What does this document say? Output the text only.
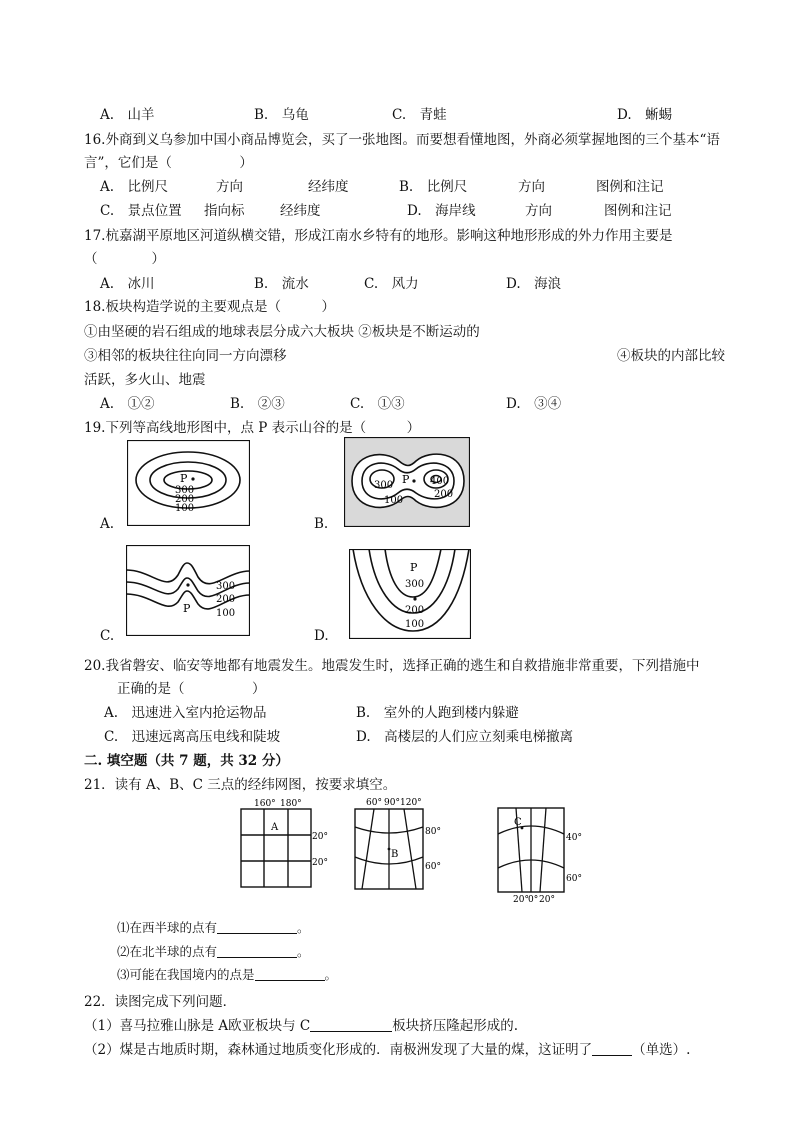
A.　山羊	B.　乌龟	C.　青蛙	D.　蜥蜴
16.外商到义乌参加中国小商品博览会，买了一张地图。而要想看懂地图，外商必须掌握地图的三个基本“语
言”，它们是（　　　　　）
A.　比例尺	方向	经纬度	B.　比例尺	方向	图例和注记
C.　景点位置 指向标	经纬度	D.　海岸线	方向	图例和注记
17.杭嘉湖平原地区河道纵横交错，形成江南水乡特有的地形。影响这种地形形成的外力作用主要是
（　　　　）
A.　冰川	B.　流水	C.　风力	D.　海浪
18.板块构造学说的主要观点是（　　　）
①由坚硬的岩石组成的地球表层分成六大板块 ②板块是不断运动的
③相邻的板块往往向同一方向漂移	④板块的内部比较
活跃，多火山、地震
A.　①②	B.　②③	C.　①③	D.　③④
19.下列等高线地形图中，点 P 表示山谷的是（　　　）
P
300
200
100
A.
P
300	400
200
100
B.
P
300
200
100
C.
P
300
200
100
D.
20.我省磐安、临安等地都有地震发生。地震发生时，选择正确的逃生和自救措施非常重要，下列措施中
正确的是（　　　　　）
A.　迅速进入室内抢运物品	B.　室外的人跑到楼内躲避
C.　迅速远离高压电线和陡坡	D.　高楼层的人们应立刻乘电梯撤离
二. 填空题（共 7 题，共 32 分）
21．读有 A、B、C 三点的经纬网图，按要求填空。
160° 180°
A
20°
20°
60° 90° 120°
B
80°
60°
C
40°
60°
20° 0° 20°
⑴在西半球的点有	。
⑵在北半球的点有	。
⑶可能在我国境内的点是	。
22．读图完成下列问题．
（1）喜马拉雅山脉是 A欧亚板块与 C	板块挤压隆起形成的.
（2）煤是古地质时期，森林通过地质变化形成的．南极洲发现了大量的煤，这证明了	（单选）.
